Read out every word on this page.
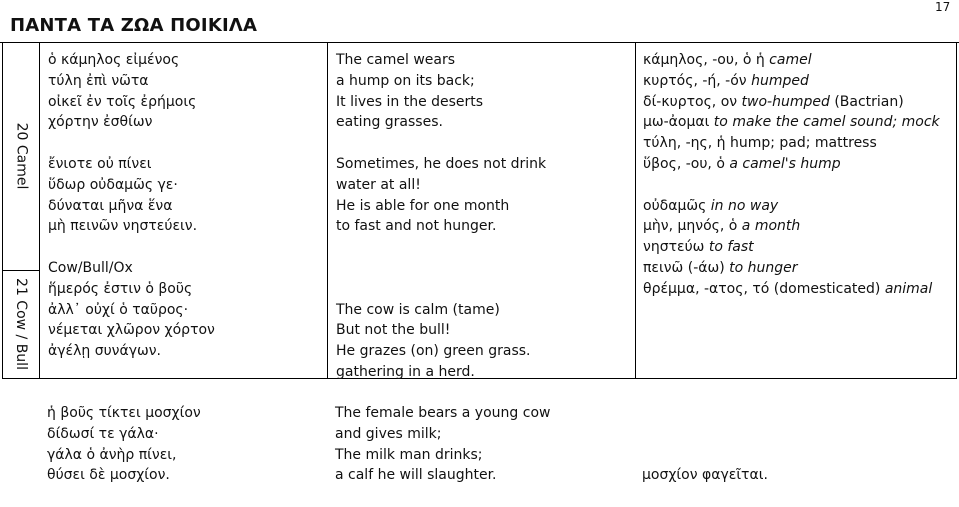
ΠΑΝΤΑ ΤΑ ΖΩΑ ΠΟΙΚΙΛΑ
17
20 Camel
21 Cow / Bull
ὁ κάμηλος εἰμένος
τύλη ἐπὶ νῶτα
οἰκεῖ ἐν τοῖς ἐρήμοις
χόρτην ἐσθίων
ἔνιοτε οὐ πίνει
ὕδωρ οὐδαμῶς γε·
δύναται μῆνα ἕνα
μὴ πεινῶν νηστεύειν.
Cow/Bull/Ox
ἥμερός ἐστιν ὁ βοῦς
ἀλλ᾽ οὐχί ὁ ταῦρος·
νέμεται χλῶρον χόρτον
ἀγέλῃ συνάγων.
The camel wears
a hump on its back;
It lives in the deserts
eating grasses.
Sometimes, he does not drink
water at all!
He is able for one month
to fast and not hunger.
The cow is calm (tame)
But not the bull!
He grazes (on) green grass.
gathering in a herd.
κάμηλος, -ου, ὁ ἡ camel
κυρτός, -ή, -όν humped
δί-κυρτος, ον two-humped (Bactrian)
μω-ἀομαι to make the camel sound; mock
τύλη, -ης, ἡ hump; pad; mattress
ὕβος, -ου, ὁ a camel's hump
οὐδαμῶς in no way
μὴν, μηνός, ὁ a month
νηστεύω to fast
πεινῶ (-άω) to hunger
θρέμμα, -ατος, τό (domesticated) animal
ἡ βοῦς τίκτει μοσχίον
δίδωσί τε γάλα·
γάλα ὁ ἀνὴρ πίνει,
θύσει δὲ μοσχίον.
The female bears a young cow
and gives milk;
The milk man drinks;
a calf he will slaughter.	μοσχίον φαγεῖται.
